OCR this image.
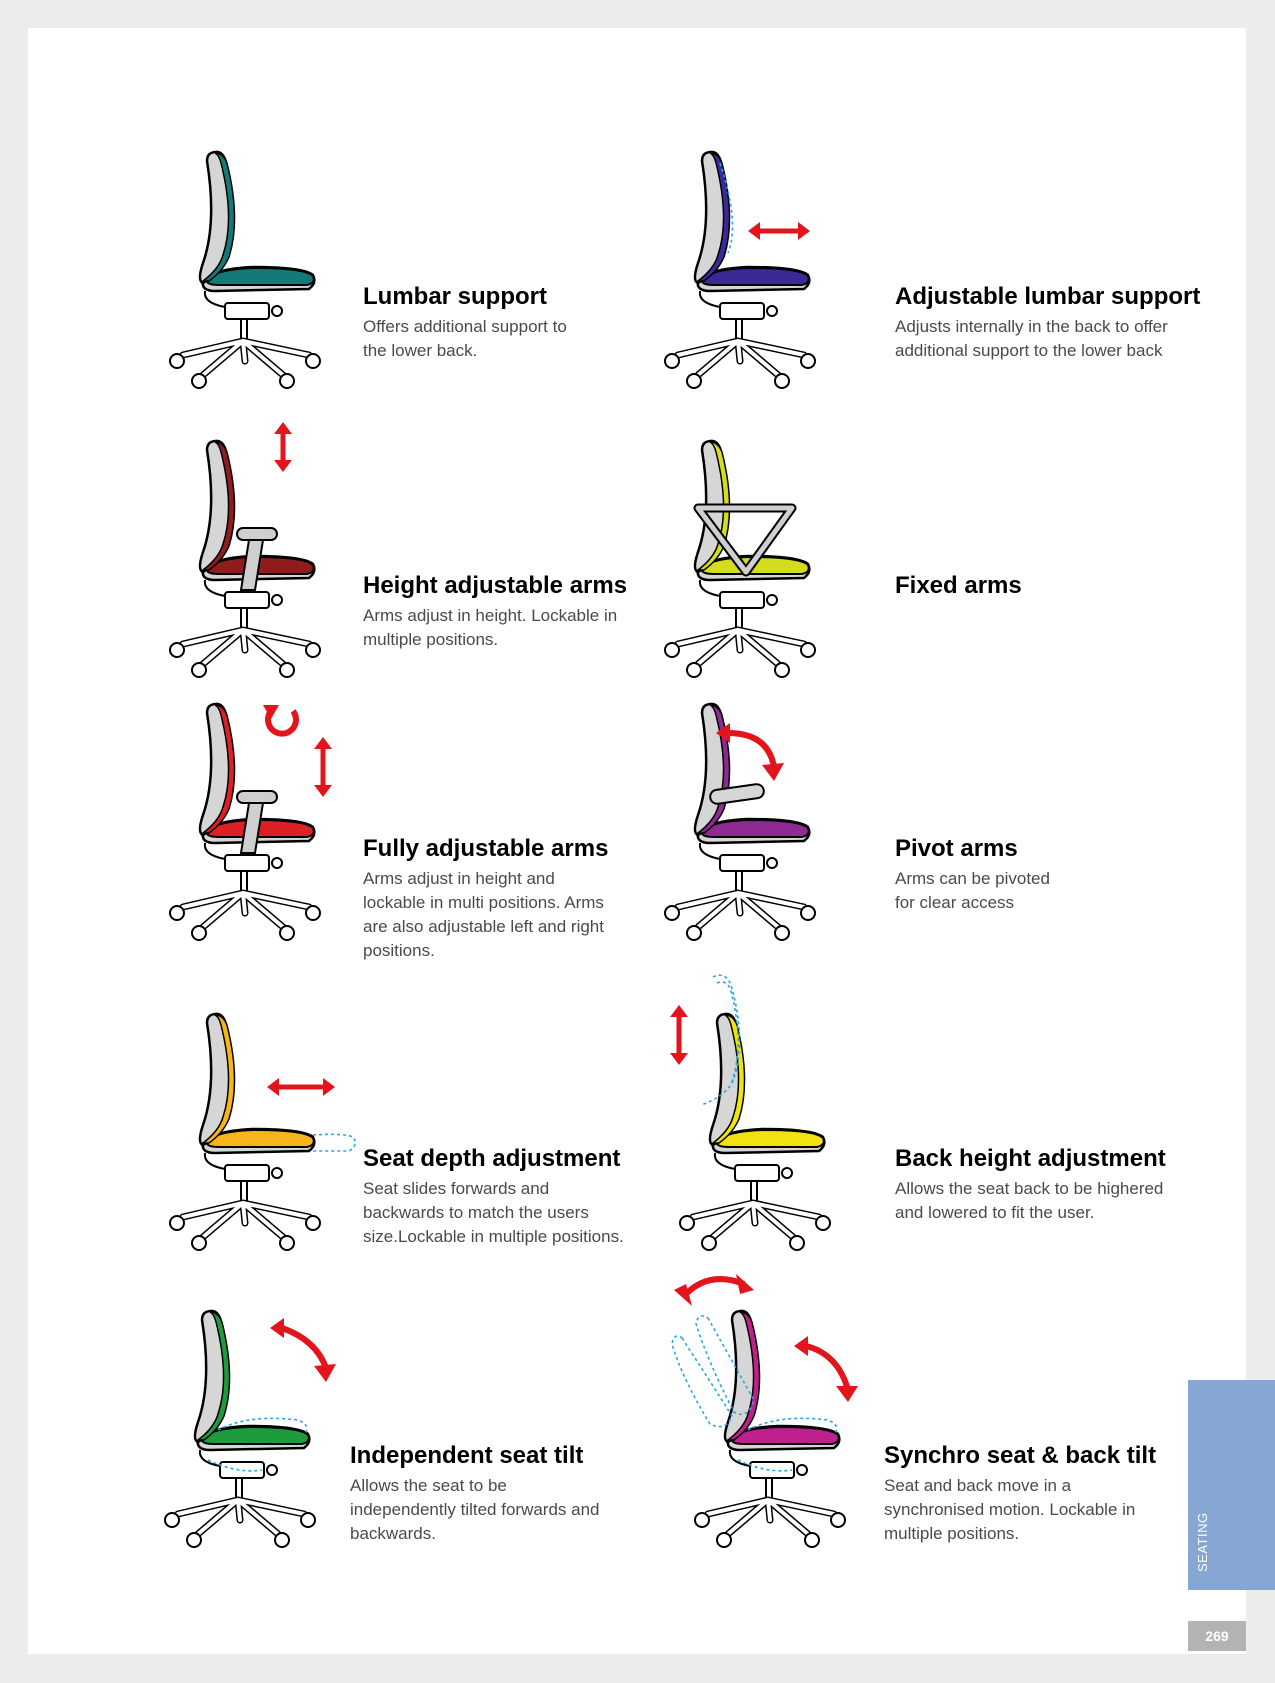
Lumbar support

Offers additional support to
the lower back.

Adjustable lumbar support

Adjusts internally in the back to offer
additional support to the lower back

Height adjustable arms

Arms adjust in height. Lockable in
multiple positions.

Fixed arms
Fully adjustable arms

Arms adjust in height and
lockable in multi positions. Arms
are also adjustable left and right
positions.

Pivot arms

Arms can be pivoted
for clear access

Seat depth adjustment

Seat slides forwards and
backwards to match the users
size.Lockable in multiple positions.

Back height adjustment

Allows the seat back to be highered
and lowered to fit the user.

Independent seat tilt

Allows the seat to be
independently tilted forwards and
backwards.

Synchro seat & back tilt

Seat and back move in a
synchronised motion. Lockable in
multiple positions.	SEATING
269
